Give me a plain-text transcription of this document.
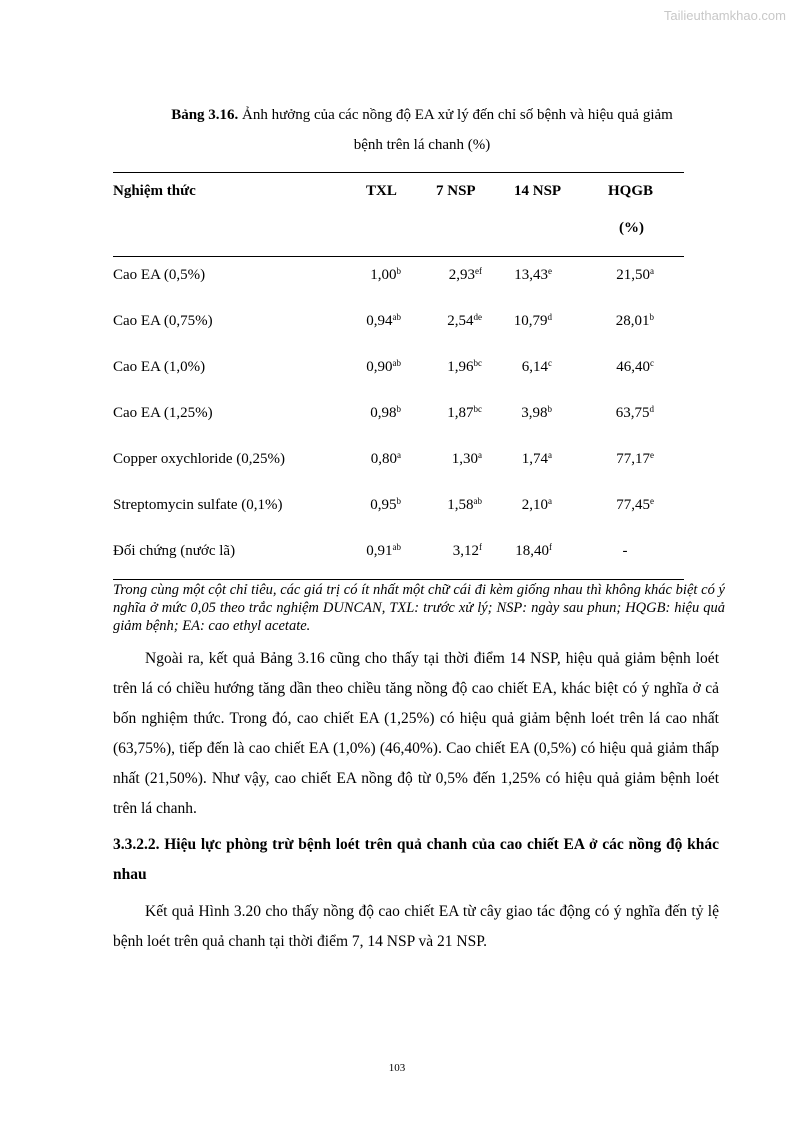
Tailieuthamkhao.com
Bảng 3.16. Ảnh hưởng của các nồng độ EA xử lý đến chỉ số bệnh và hiệu quả giảm
bệnh trên lá chanh (%)
Nghiệm thức	TXL	7 NSP	14 NSP	HQGB
(%)
Cao EA (0,5%)	1,00$^b$	2,93$^{ef}$	13,43e	21,50$^a$
Cao EA (0,75%)	0,94$^{ab}$	2,54de	10,79$^d$	28,01$^b$
Cao EA (1,0%)	0,90$^{ab}$	1,96$^{bc}$	6,14$^c$	46,40$^c$
Cao EA (1,25%)	0,98$^b$	1,87$^{bc}$	3,98$^b$	63,75$^d$
Copper oxychloride (0,25%)	0,80$^a$	1,30$^a$	1,74$^a$	77,17e
Streptomycin sulfate (0,1%)	0,95$^b$	1,58$^{ab}$	2,10$^a$	77,45e
Đối chứng (nước lã)	0,91$^{ab}$	3,12$^f$	18,40$^f$	-
Trong cùng một cột chỉ tiêu, các giá trị có ít nhất một chữ cái đi kèm giống nhau thì không khác biệt có ý nghĩa ở mức 0,05 theo trắc nghiệm DUNCAN, TXL: trước xử lý; NSP: ngày sau phun; HQGB: hiệu quả giảm bệnh; EA: cao ethyl acetate.
Ngoài ra, kết quả Bảng 3.16 cũng cho thấy tại thời điểm 14 NSP, hiệu quả giảm bệnh loét trên lá có chiều hướng tăng dần theo chiều tăng nồng độ cao chiết EA, khác biệt có ý nghĩa ở cả bốn nghiệm thức. Trong đó, cao chiết EA (1,25%) có hiệu quả giảm bệnh loét trên lá cao nhất (63,75%), tiếp đến là cao chiết EA (1,0%) (46,40%). Cao chiết EA (0,5%) có hiệu quả giảm thấp nhất (21,50%). Như vậy, cao chiết EA nồng độ từ 0,5% đến 1,25% có hiệu quả giảm bệnh loét trên lá chanh.
3.3.2.2. Hiệu lực phòng trừ bệnh loét trên quả chanh của cao chiết EA ở các nồng độ khác nhau
Kết quả Hình 3.20 cho thấy nồng độ cao chiết EA từ cây giao tác động có ý nghĩa đến tỷ lệ bệnh loét trên quả chanh tại thời điểm 7, 14 NSP và 21 NSP.
103
